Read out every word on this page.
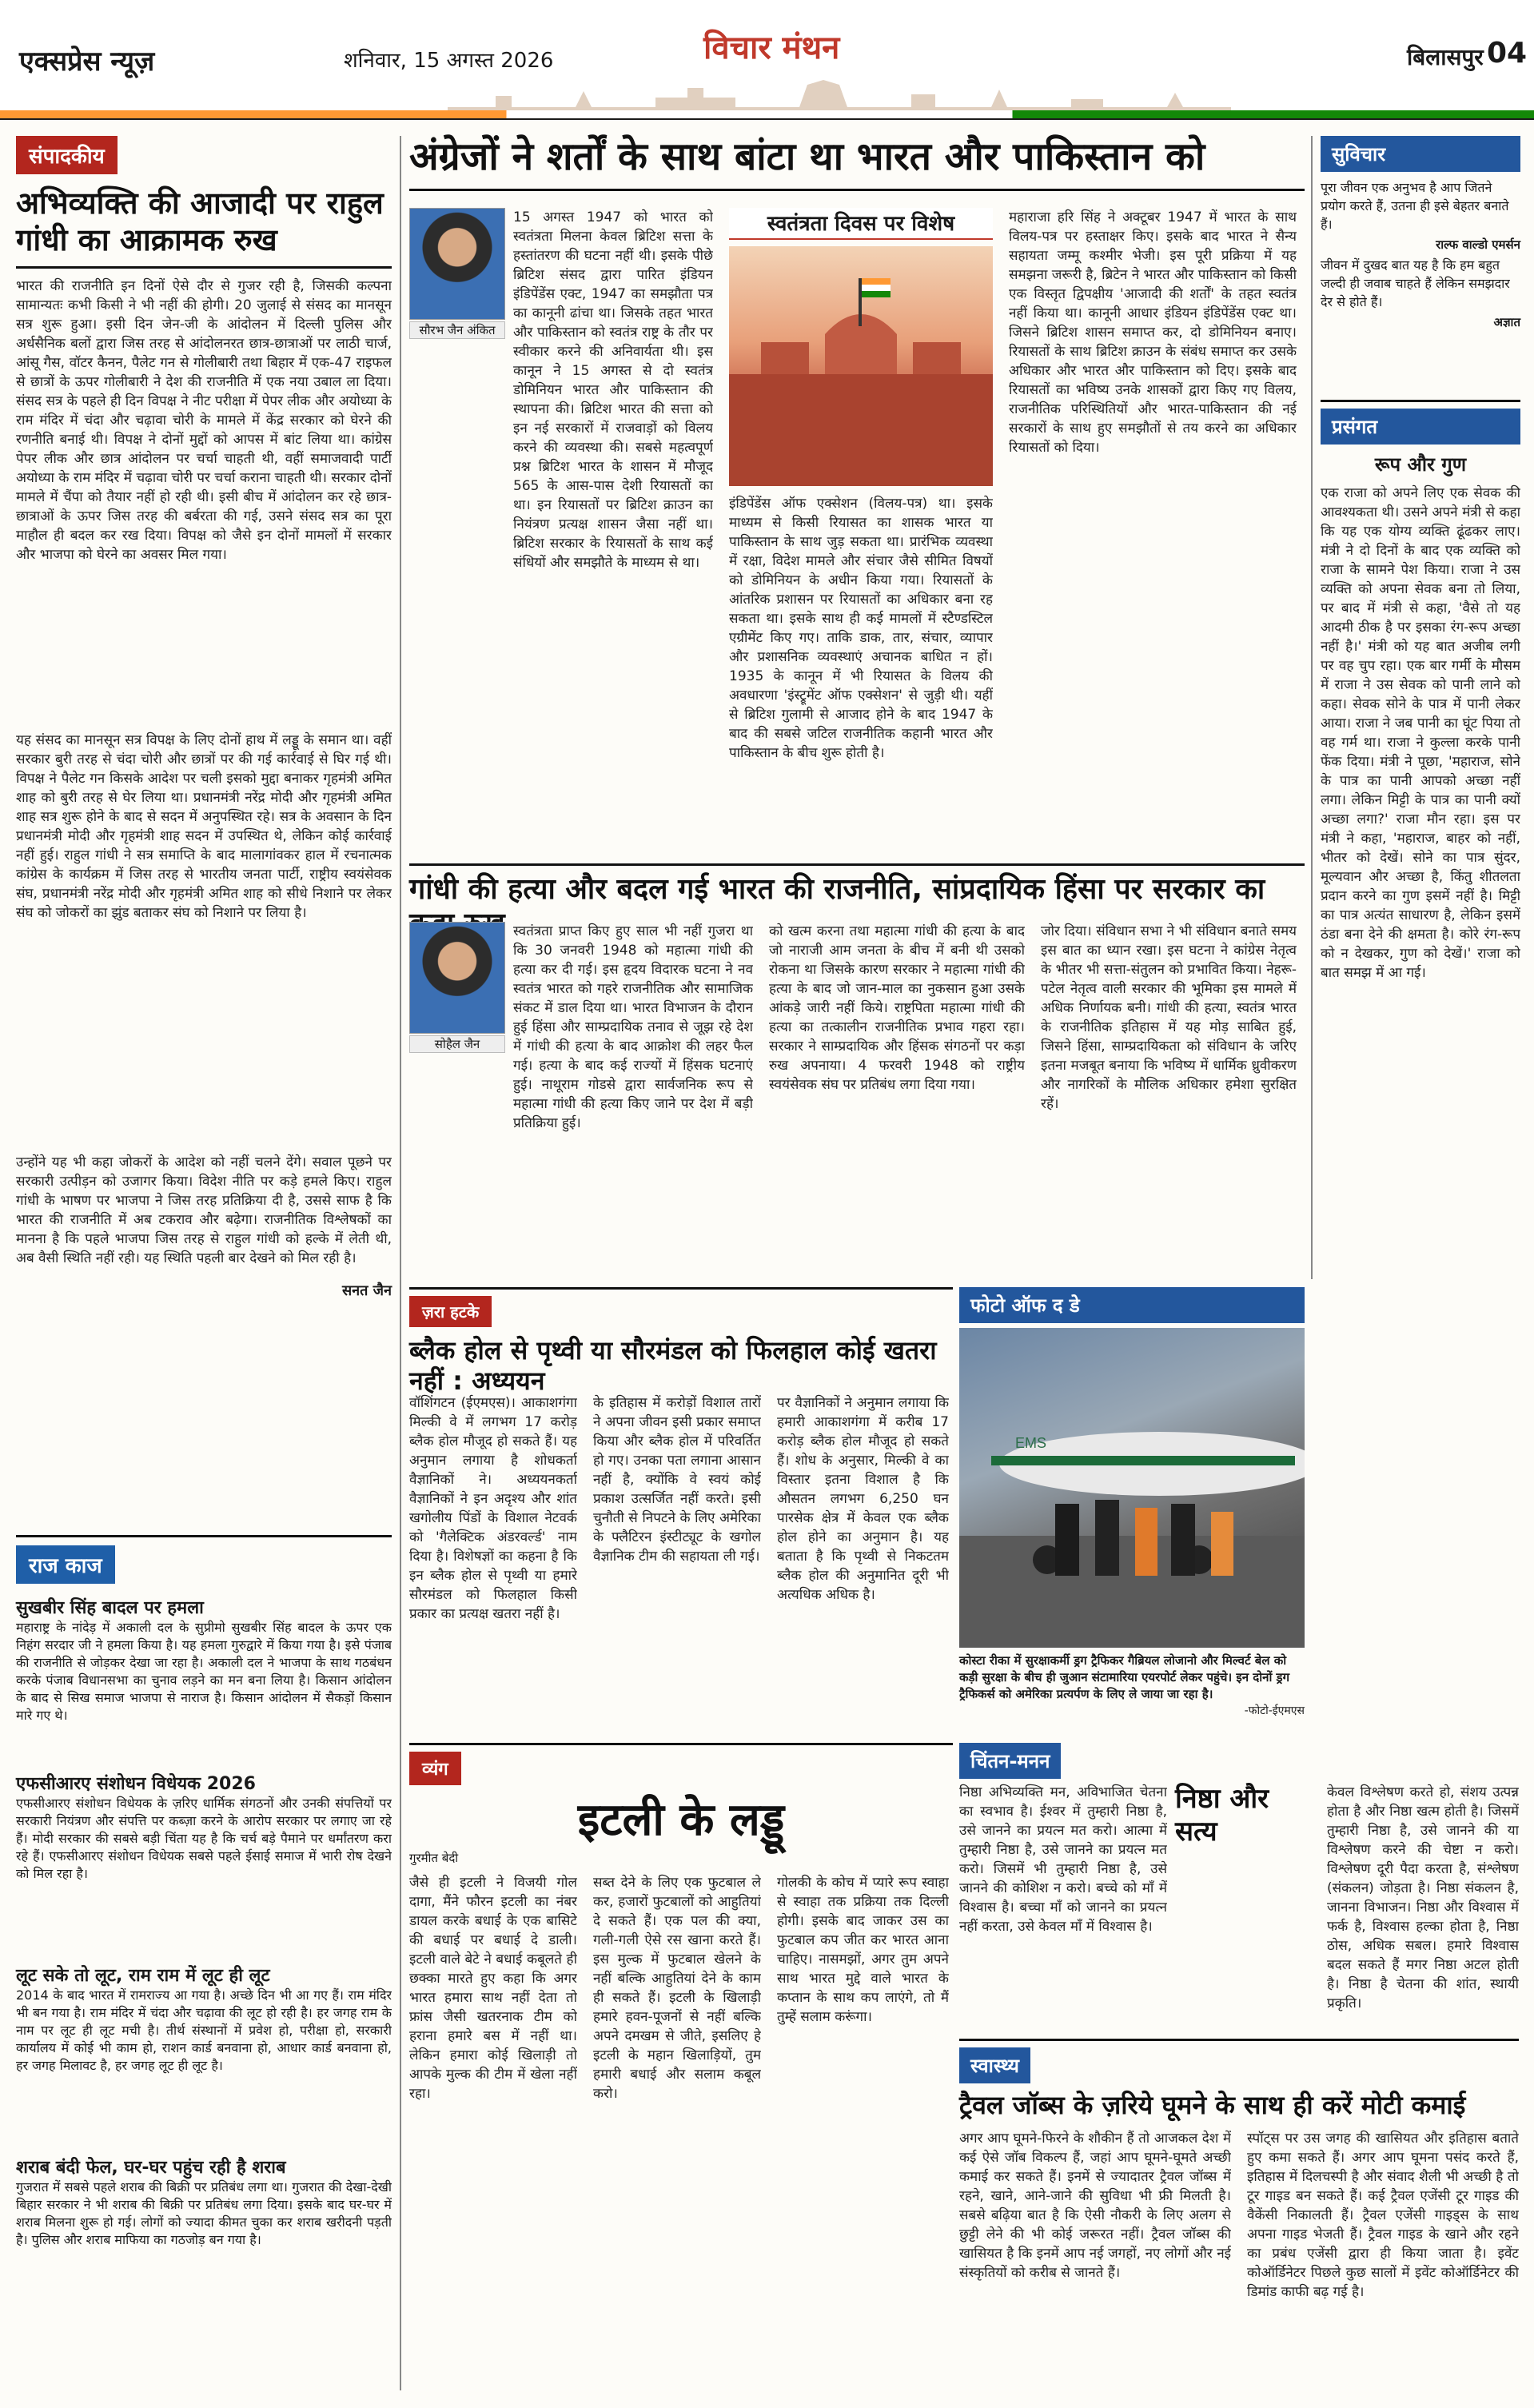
एक्सप्रेस न्यूज़	शनिवार, 15 अगस्त 2026	विचार मंथन	बिलासपुर 04
संपादकीय
अभिव्यक्ति की आजादी पर राहुल गांधी का आक्रामक रुख
भारत की राजनीति इन दिनों ऐसे दौर से गुजर रही है, जिसकी कल्पना सामान्यतः कभी किसी ने भी नहीं की होगी। 20 जुलाई से संसद का मानसून सत्र शुरू हुआ। इसी दिन जेन-जी के आंदोलन में दिल्ली पुलिस और अर्धसैनिक बलों द्वारा जिस तरह से आंदोलनरत छात्र-छात्राओं पर लाठी चार्ज, आंसू गैस, वॉटर कैनन, पैलेट गन से गोलीबारी तथा बिहार में एक-47 राइफल से छात्रों के ऊपर गोलीबारी ने देश की राजनीति में एक नया उबाल ला दिया। संसद सत्र के पहले ही दिन विपक्ष ने नीट परीक्षा में पेपर लीक और अयोध्या के राम मंदिर में चंदा और चढ़ावा चोरी के मामले में केंद्र सरकार को घेरने की रणनीति बनाई थी। विपक्ष ने दोनों मुद्दों को आपस में बांट लिया था। कांग्रेस पेपर लीक और छात्र आंदोलन पर चर्चा चाहती थी, वहीं समाजवादी पार्टी अयोध्या के राम मंदिर में चढ़ावा चोरी पर चर्चा कराना चाहती थी। सरकार दोनों मामले में चैंपा को तैयार नहीं हो रही थी। इसी बीच में आंदोलन कर रहे छात्र-छात्राओं के ऊपर जिस तरह की बर्बरता की गई, उसने संसद सत्र का पूरा माहौल ही बदल कर रख दिया। विपक्ष को जैसे इन दोनों मामलों में सरकार और भाजपा को घेरने का अवसर मिल गया।
यह संसद का मानसून सत्र विपक्ष के लिए दोनों हाथ में लड्डू के समान था। वहीं सरकार बुरी तरह से चंदा चोरी और छात्रों पर की गई कार्रवाई से घिर गई थी। विपक्ष ने पैलेट गन किसके आदेश पर चली इसको मुद्दा बनाकर गृहमंत्री अमित शाह को बुरी तरह से घेर लिया था। प्रधानमंत्री नरेंद्र मोदी और गृहमंत्री अमित शाह सत्र शुरू होने के बाद से सदन में अनुपस्थित रहे। सत्र के अवसान के दिन प्रधानमंत्री मोदी और गृहमंत्री शाह सदन में उपस्थित थे, लेकिन कोई कार्रवाई नहीं हुई। राहुल गांधी ने सत्र समाप्ति के बाद मालागांवकर हाल में रचनात्मक कांग्रेस के कार्यक्रम में जिस तरह से भारतीय जनता पार्टी, राष्ट्रीय स्वयंसेवक संघ, प्रधानमंत्री नरेंद्र मोदी और गृहमंत्री अमित शाह को सीधे निशाने पर लेकर संघ को जोकरों का झुंड बताकर संघ को निशाने पर लिया है।
उन्होंने यह भी कहा जोकरों के आदेश को नहीं चलने देंगे। सवाल पूछने पर सरकारी उत्पीड़न को उजागर किया। विदेश नीति पर कड़े हमले किए। राहुल गांधी के भाषण पर भाजपा ने जिस तरह प्रतिक्रिया दी है, उससे साफ है कि भारत की राजनीति में अब टकराव और बढ़ेगा। राजनीतिक विश्लेषकों का मानना है कि पहले भाजपा जिस तरह से राहुल गांधी को हल्के में लेती थी, अब वैसी स्थिति नहीं रही। यह स्थिति पहली बार देखने को मिल रही है।
सनत जैन
राज काज
सुखबीर सिंह बादल पर हमला
महाराष्ट्र के नांदेड़ में अकाली दल के सुप्रीमो सुखबीर सिंह बादल के ऊपर एक निहंग सरदार जी ने हमला किया है। यह हमला गुरुद्वारे में किया गया है। इसे पंजाब की राजनीति से जोड़कर देखा जा रहा है। अकाली दल ने भाजपा के साथ गठबंधन करके पंजाब विधानसभा का चुनाव लड़ने का मन बना लिया है। किसान आंदोलन के बाद से सिख समाज भाजपा से नाराज है। किसान आंदोलन में सैकड़ों किसान मारे गए थे।
एफसीआरए संशोधन विधेयक 2026
एफसीआरए संशोधन विधेयक के ज़रिए धार्मिक संगठनों और उनकी संपत्तियों पर सरकारी नियंत्रण और संपत्ति पर कब्ज़ा करने के आरोप सरकार पर लगाए जा रहे हैं। मोदी सरकार की सबसे बड़ी चिंता यह है कि चर्च बड़े पैमाने पर धर्मांतरण करा रहे हैं। एफसीआरए संशोधन विधेयक सबसे पहले ईसाई समाज में भारी रोष देखने को मिल रहा है।
लूट सके तो लूट, राम राम में लूट ही लूट
2014 के बाद भारत में रामराज्य आ गया है। अच्छे दिन भी आ गए हैं। राम मंदिर भी बन गया है। राम मंदिर में चंदा और चढ़ावा की लूट हो रही है। हर जगह राम के नाम पर लूट ही लूट मची है। तीर्थ संस्थानों में प्रवेश हो, परीक्षा हो, सरकारी कार्यालय में कोई भी काम हो, राशन कार्ड बनवाना हो, आधार कार्ड बनवाना हो, हर जगह मिलावट है, हर जगह लूट ही लूट है।
शराब बंदी फेल, घर-घर पहुंच रही है शराब
गुजरात में सबसे पहले शराब की बिक्री पर प्रतिबंध लगा था। गुजरात की देखा-देखी बिहार सरकार ने भी शराब की बिक्री पर प्रतिबंध लगा दिया। इसके बाद घर-घर में शराब मिलना शुरू हो गई। लोगों को ज्यादा कीमत चुका कर शराब खरीदनी पड़ती है। पुलिस और शराब माफिया का गठजोड़ बन गया है।
अंग्रेजों ने शर्तों के साथ बांटा था भारत और पाकिस्तान को
सौरभ जैन अंकित
15 अगस्त 1947 को भारत को स्वतंत्रता मिलना केवल ब्रिटिश सत्ता के हस्तांतरण की घटना नहीं थी। इसके पीछे ब्रिटिश संसद द्वारा पारित इंडियन इंडिपेंडेंस एक्ट, 1947 का समझौता पत्र का कानूनी ढांचा था। जिसके तहत भारत और पाकिस्तान को स्वतंत्र राष्ट्र के तौर पर स्वीकार करने की अनिवार्यता थी। इस कानून ने 15 अगस्त से दो स्वतंत्र डोमिनियन भारत और पाकिस्तान की स्थापना की। ब्रिटिश भारत की सत्ता को इन नई सरकारों में राजवाड़ों को विलय करने की व्यवस्था की। सबसे महत्वपूर्ण प्रश्न ब्रिटिश भारत के शासन में मौजूद 565 के आस-पास देशी रियासतों का था। इन रियासतों पर ब्रिटिश क्राउन का नियंत्रण प्रत्यक्ष शासन जैसा नहीं था। ब्रिटिश सरकार के रियासतों के साथ कई संधियों और समझौते के माध्यम से था।
स्वतंत्रता दिवस पर विशेष
इंडिपेंडेंस ऑफ एक्सेशन (विलय-पत्र) था। इसके माध्यम से किसी रियासत का शासक भारत या पाकिस्तान के साथ जुड़ सकता था। प्रारंभिक व्यवस्था में रक्षा, विदेश मामले और संचार जैसे सीमित विषयों को डोमिनियन के अधीन किया गया। रियासतों के आंतरिक प्रशासन पर रियासतों का अधिकार बना रह सकता था। इसके साथ ही कई मामलों में स्टैण्डस्टिल एग्रीमेंट किए गए। ताकि डाक, तार, संचार, व्यापार और प्रशासनिक व्यवस्थाएं अचानक बाधित न हों। 1935 के कानून में भी रियासत के विलय की अवधारणा 'इंस्ट्रूमेंट ऑफ एक्सेशन' से जुड़ी थी। यहीं से ब्रिटिश गुलामी से आजाद होने के बाद 1947 के बाद की सबसे जटिल राजनीतिक कहानी भारत और पाकिस्तान के बीच शुरू होती है।
महाराजा हरि सिंह ने अक्टूबर 1947 में भारत के साथ विलय-पत्र पर हस्ताक्षर किए। इसके बाद भारत ने सैन्य सहायता जम्मू कश्मीर भेजी। इस पूरी प्रक्रिया में यह समझना जरूरी है, ब्रिटेन ने भारत और पाकिस्तान को किसी एक विस्तृत द्विपक्षीय 'आजादी की शर्तों' के तहत स्वतंत्र नहीं किया था। कानूनी आधार इंडियन इंडिपेंडेंस एक्ट था। जिसने ब्रिटिश शासन समाप्त कर, दो डोमिनियन बनाए। रियासतों के साथ ब्रिटिश क्राउन के संबंध समाप्त कर उसके अधिकार और भारत और पाकिस्तान को दिए। इसके बाद रियासतों का भविष्य उनके शासकों द्वारा किए गए विलय, राजनीतिक परिस्थितियों और भारत-पाकिस्तान की नई सरकारों के साथ हुए समझौतों से तय करने का अधिकार रियासतों को दिया।
गांधी की हत्या और बदल गई भारत की राजनीति, सांप्रदायिक हिंसा पर सरकार का
सोहैल जैन
स्वतंत्रता प्राप्त किए हुए साल भी नहीं गुजरा था कि 30 जनवरी 1948 को महात्मा गांधी की हत्या कर दी गई। इस हृदय विदारक घटना ने नव स्वतंत्र भारत को गहरे राजनीतिक और सामाजिक संकट में डाल दिया था। भारत विभाजन के दौरान हुई हिंसा और साम्प्रदायिक तनाव से जूझ रहे देश में गांधी की हत्या के बाद आक्रोश की लहर फैल गई। हत्या के बाद कई राज्यों में हिंसक घटनाएं हुई। नाथूराम गोडसे द्वारा सार्वजनिक रूप से महात्मा गांधी की हत्या किए जाने पर देश में बड़ी प्रतिक्रिया हुई।
को खत्म करना तथा महात्मा गांधी की हत्या के बाद जो नाराजी आम जनता के बीच में बनी थी उसको रोकना था जिसके कारण सरकार ने महात्मा गांधी की हत्या के बाद जो जान-माल का नुकसान हुआ उसके आंकड़े जारी नहीं किये। राष्ट्रपिता महात्मा गांधी की हत्या का तत्कालीन राजनीतिक प्रभाव गहरा रहा। सरकार ने साम्प्रदायिक और हिंसक संगठनों पर कड़ा रुख अपनाया। 4 फरवरी 1948 को राष्ट्रीय स्वयंसेवक संघ पर प्रतिबंध लगा दिया गया।
जोर दिया। संविधान सभा ने भी संविधान बनाते समय इस बात का ध्यान रखा। इस घटना ने कांग्रेस नेतृत्व के भीतर भी सत्ता-संतुलन को प्रभावित किया। नेहरू-पटेल नेतृत्व वाली सरकार की भूमिका इस मामले में अधिक निर्णायक बनी। गांधी की हत्या, स्वतंत्र भारत के राजनीतिक इतिहास में यह मोड़ साबित हुई, जिसने हिंसा, साम्प्रदायिकता को संविधान के जरिए इतना मजबूत बनाया कि भविष्य में धार्मिक ध्रुवीकरण और नागरिकों के मौलिक अधिकार हमेशा सुरक्षित रहें।
ज़रा हटके
ब्लैक होल से पृथ्वी या सौरमंडल को फिलहाल कोई खतरा नहीं : अध्ययन
वॉशिंगटन (ईएमएस)। आकाशगंगा मिल्की वे में लगभग 17 करोड़ ब्लैक होल मौजूद हो सकते हैं। यह अनुमान लगाया है शोधकर्ता वैज्ञानिकों ने। अध्ययनकर्ता वैज्ञानिकों ने इन अदृश्य और शांत खगोलीय पिंडों के विशाल नेटवर्क को 'गैलेक्टिक अंडरवर्ल्ड' नाम दिया है। विशेषज्ञों का कहना है कि इन ब्लैक होल से पृथ्वी या हमारे सौरमंडल को फिलहाल किसी प्रकार का प्रत्यक्ष खतरा नहीं है।
के इतिहास में करोड़ों विशाल तारों ने अपना जीवन इसी प्रकार समाप्त किया और ब्लैक होल में परिवर्तित हो गए। उनका पता लगाना आसान नहीं है, क्योंकि वे स्वयं कोई प्रकाश उत्सर्जित नहीं करते। इसी चुनौती से निपटने के लिए अमेरिका के फ्लैटिरन इंस्टीट्यूट के खगोल वैज्ञानिक टीम की सहायता ली गई।
पर वैज्ञानिकों ने अनुमान लगाया कि हमारी आकाशगंगा में करीब 17 करोड़ ब्लैक होल मौजूद हो सकते हैं। शोध के अनुसार, मिल्की वे का विस्तार इतना विशाल है कि औसतन लगभग 6,250 घन पारसेक क्षेत्र में केवल एक ब्लैक होल होने का अनुमान है। यह बताता है कि पृथ्वी से निकटतम ब्लैक होल की अनुमानित दूरी भी अत्यधिक अधिक है।
फोटो ऑफ द डे
EMS
कोस्टा रीका में सुरक्षाकर्मी ड्रग ट्रैफिकर गैब्रियल लोजानो और मिल्वर्ट बेल को कड़ी सुरक्षा के बीच ही जुआन संटामारिया एयरपोर्ट लेकर पहुंचे। इन दोनों ड्रग ट्रैफिकर्स को अमेरिका प्रत्यर्पण के लिए ले जाया जा रहा है।
-फोटो-ईएमएस
व्यंग
इटली के लड्डू
गुरमीत बेदी
जैसे ही इटली ने विजयी गोल दागा, मैंने फौरन इटली का नंबर डायल करके बधाई के एक बासिटे की बधाई पर बधाई दे डाली। इटली वाले बेटे ने बधाई कबूलते ही छक्का मारते हुए कहा कि अगर भारत हमारा साथ नहीं देता तो फ्रांस जैसी खतरनाक टीम को हराना हमारे बस में नहीं था। लेकिन हमारा कोई खिलाड़ी तो आपके मुल्क की टीम में खेला नहीं रहा।
सब्त देने के लिए एक फुटबाल ले कर, हजारों फुटबालों को आहुतियां दे सकते हैं। एक पल की क्या, गली-गली ऐसे रस खाना करते हैं। इस मुल्क में फुटबाल खेलने के नहीं बल्कि आहुतियां देने के काम ही सकते हैं। इटली के खिलाड़ी हमारे हवन-पूजनों से नहीं बल्कि अपने दमखम से जीते, इसलिए हे इटली के महान खिलाड़ियों, तुम हमारी बधाई और सलाम कबूल करो।
गोलकी के कोच में प्यारे रूप स्वाहा से स्वाहा तक प्रक्रिया तक दिल्ली होगी। इसके बाद जाकर उस का फुटबाल कप जीत कर भारत आना चाहिए। नासमझों, अगर तुम अपने साथ भारत मुद्दे वाले भारत के कप्तान के साथ कप लाएंगे, तो मैं तुम्हें सलाम करूंगा।
चिंतन-मनन
निष्ठा अभिव्यक्ति मन, अविभाजित चेतना का स्वभाव है। ईश्वर में तुम्हारी निष्ठा है, उसे जानने का प्रयत्न मत करो। आत्मा में तुम्हारी निष्ठा है, उसे जानने का प्रयत्न मत करो। जिसमें भी तुम्हारी निष्ठा है, उसे जानने की कोशिश न करो। बच्चे को माँ में विश्वास है। बच्चा माँ को जानने का प्रयत्न नहीं करता, उसे केवल माँ में विश्वास है।
निष्ठा और सत्य
केवल विश्लेषण करते हो, संशय उत्पन्न होता है और निष्ठा खत्म होती है। जिसमें तुम्हारी निष्ठा है, उसे जानने की या विश्लेषण करने की चेष्टा न करो। विश्लेषण दूरी पैदा करता है, संश्लेषण (संकलन) जोड़ता है। निष्ठा संकलन है, जानना विभाजन। निष्ठा और विश्वास में फर्क है, विश्वास हल्का होता है, निष्ठा ठोस, अधिक सबल। हमारे विश्वास बदल सकते हैं मगर निष्ठा अटल होती है। निष्ठा है चेतना की शांत, स्थायी प्रकृति।
स्वास्थ्य
ट्रैवल जॉब्स के ज़रिये घूमने के साथ ही करें मोटी कमाई
अगर आप घूमने-फिरने के शौकीन हैं तो आजकल देश में कई ऐसे जॉब विकल्प हैं, जहां आप घूमने-घूमते अच्छी कमाई कर सकते हैं। इनमें से ज्यादातर ट्रैवल जॉब्स में रहने, खाने, आने-जाने की सुविधा भी फ्री मिलती है। सबसे बढ़िया बात है कि ऐसी नौकरी के लिए अलग से छुट्टी लेने की भी कोई जरूरत नहीं। ट्रैवल जॉब्स की खासियत है कि इनमें आप नई जगहों, नए लोगों और नई संस्कृतियों को करीब से जानते हैं।
स्पॉट्स पर उस जगह की खासियत और इतिहास बताते हुए कमा सकते हैं। अगर आप घूमना पसंद करते हैं, इतिहास में दिलचस्पी है और संवाद शैली भी अच्छी है तो टूर गाइड बन सकते हैं। कई ट्रैवल एजेंसी टूर गाइड की वैकेंसी निकालती हैं। ट्रैवल एजेंसी गाइड्स के साथ अपना गाइड भेजती हैं। ट्रैवल गाइड के खाने और रहने का प्रबंध एजेंसी द्वारा ही किया जाता है। इवेंट कोऑर्डिनेटर पिछले कुछ सालों में इवेंट कोऑर्डिनेटर की डिमांड काफी बढ़ गई है।
सुविचार
पूरा जीवन एक अनुभव है आप जितने प्रयोग करते हैं, उतना ही इसे बेहतर बनाते हैं।
राल्फ वाल्डो एमर्सन
जीवन में दुखद बात यह है कि हम बहुत जल्दी ही जवाब चाहते हैं लेकिन समझदार देर से होते हैं।
अज्ञात
प्रसंगत
रूप और गुण
एक राजा को अपने लिए एक सेवक की आवश्यकता थी। उसने अपने मंत्री से कहा कि यह एक योग्य व्यक्ति ढूंढकर लाए। मंत्री ने दो दिनों के बाद एक व्यक्ति को राजा के सामने पेश किया। राजा ने उस व्यक्ति को अपना सेवक बना तो लिया, पर बाद में मंत्री से कहा, 'वैसे तो यह आदमी ठीक है पर इसका रंग-रूप अच्छा नहीं है।' मंत्री को यह बात अजीब लगी पर वह चुप रहा। एक बार गर्मी के मौसम में राजा ने उस सेवक को पानी लाने को कहा। सेवक सोने के पात्र में पानी लेकर आया। राजा ने जब पानी का घूंट पिया तो वह गर्म था। राजा ने कुल्ला करके पानी फेंक दिया। मंत्री ने पूछा, 'महाराज, सोने के पात्र का पानी आपको अच्छा नहीं लगा। लेकिन मिट्टी के पात्र का पानी क्यों अच्छा लगा?' राजा मौन रहा। इस पर मंत्री ने कहा, 'महाराज, बाहर को नहीं, भीतर को देखें। सोने का पात्र सुंदर, मूल्यवान और अच्छा है, किंतु शीतलता प्रदान करने का गुण इसमें नहीं है। मिट्टी का पात्र अत्यंत साधारण है, लेकिन इसमें ठंडा बना देने की क्षमता है। कोरे रंग-रूप को न देखकर, गुण को देखें।' राजा को बात समझ में आ गई।
